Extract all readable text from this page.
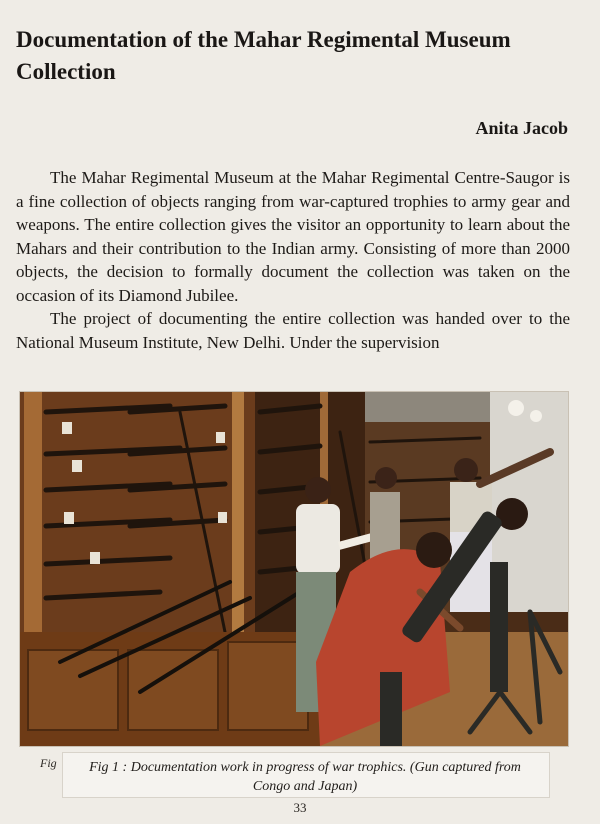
Documentation of the Mahar Regimental Museum Collection
Anita Jacob

The Mahar Regimental Museum at the Mahar Regimental Centre-Saugor is a fine collection of objects ranging from war-captured trophies to army gear and weapons. The entire collection gives the visitor an opportunity to learn about the Mahars and their contribution to the Indian army. Consisting of more than 2000 objects, the decision to formally document the collection was taken on the occasion of its Diamond Jubilee.

The project of documenting the entire collection was handed over to the National Museum Institute, New Delhi. Under the supervision

Fig	Fig 1 : Documentation work in progress of war trophics. (Gun captured from Congo and Japan)
33
